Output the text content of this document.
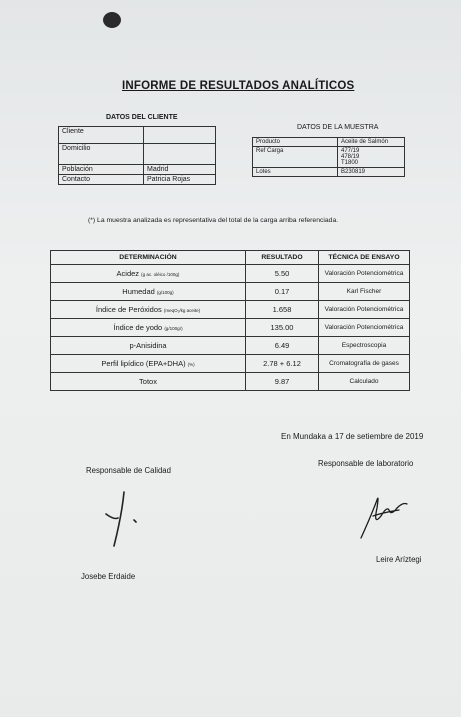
INFORME DE RESULTADOS ANALÍTICOS
DATOS DEL CLIENTE
DATOS DE LA MUESTRA
Cliente	
Domicilio	
Población	Madrid
Contacto	Patricia Rojas
Producto	Aceite de Salmón
Ref Carga	477/19
478/19
T1800
Lotes	B230819
(*) La muestra analizada es representativa del total de la carga arriba referenciada.
DETERMINACIÓN	RESULTADO	TÉCNICA DE ENSAYO
Acidez (g ac. oléico /100g)	5.50	Valoración Potenciométrica
Humedad (g/100g)	0.17	Karl Fischer
Índice de Peróxidos (meqO₂/kg aceite)	1.658	Valoración Potenciométrica
Índice de yodo (g/100gr)	135.00	Valoración Potenciométrica
p-Anisidina	6.49	Espectroscopia
Perfil lipídico (EPA+DHA) (%)	2.78 + 6.12	Cromatografía de gases
Totox	9.87	Calculado
En Mundaka a 17 de setiembre de 2019
Responsable de Calidad
Responsable de laboratorio
Josebe Erdaide
Leire Aríztegi
